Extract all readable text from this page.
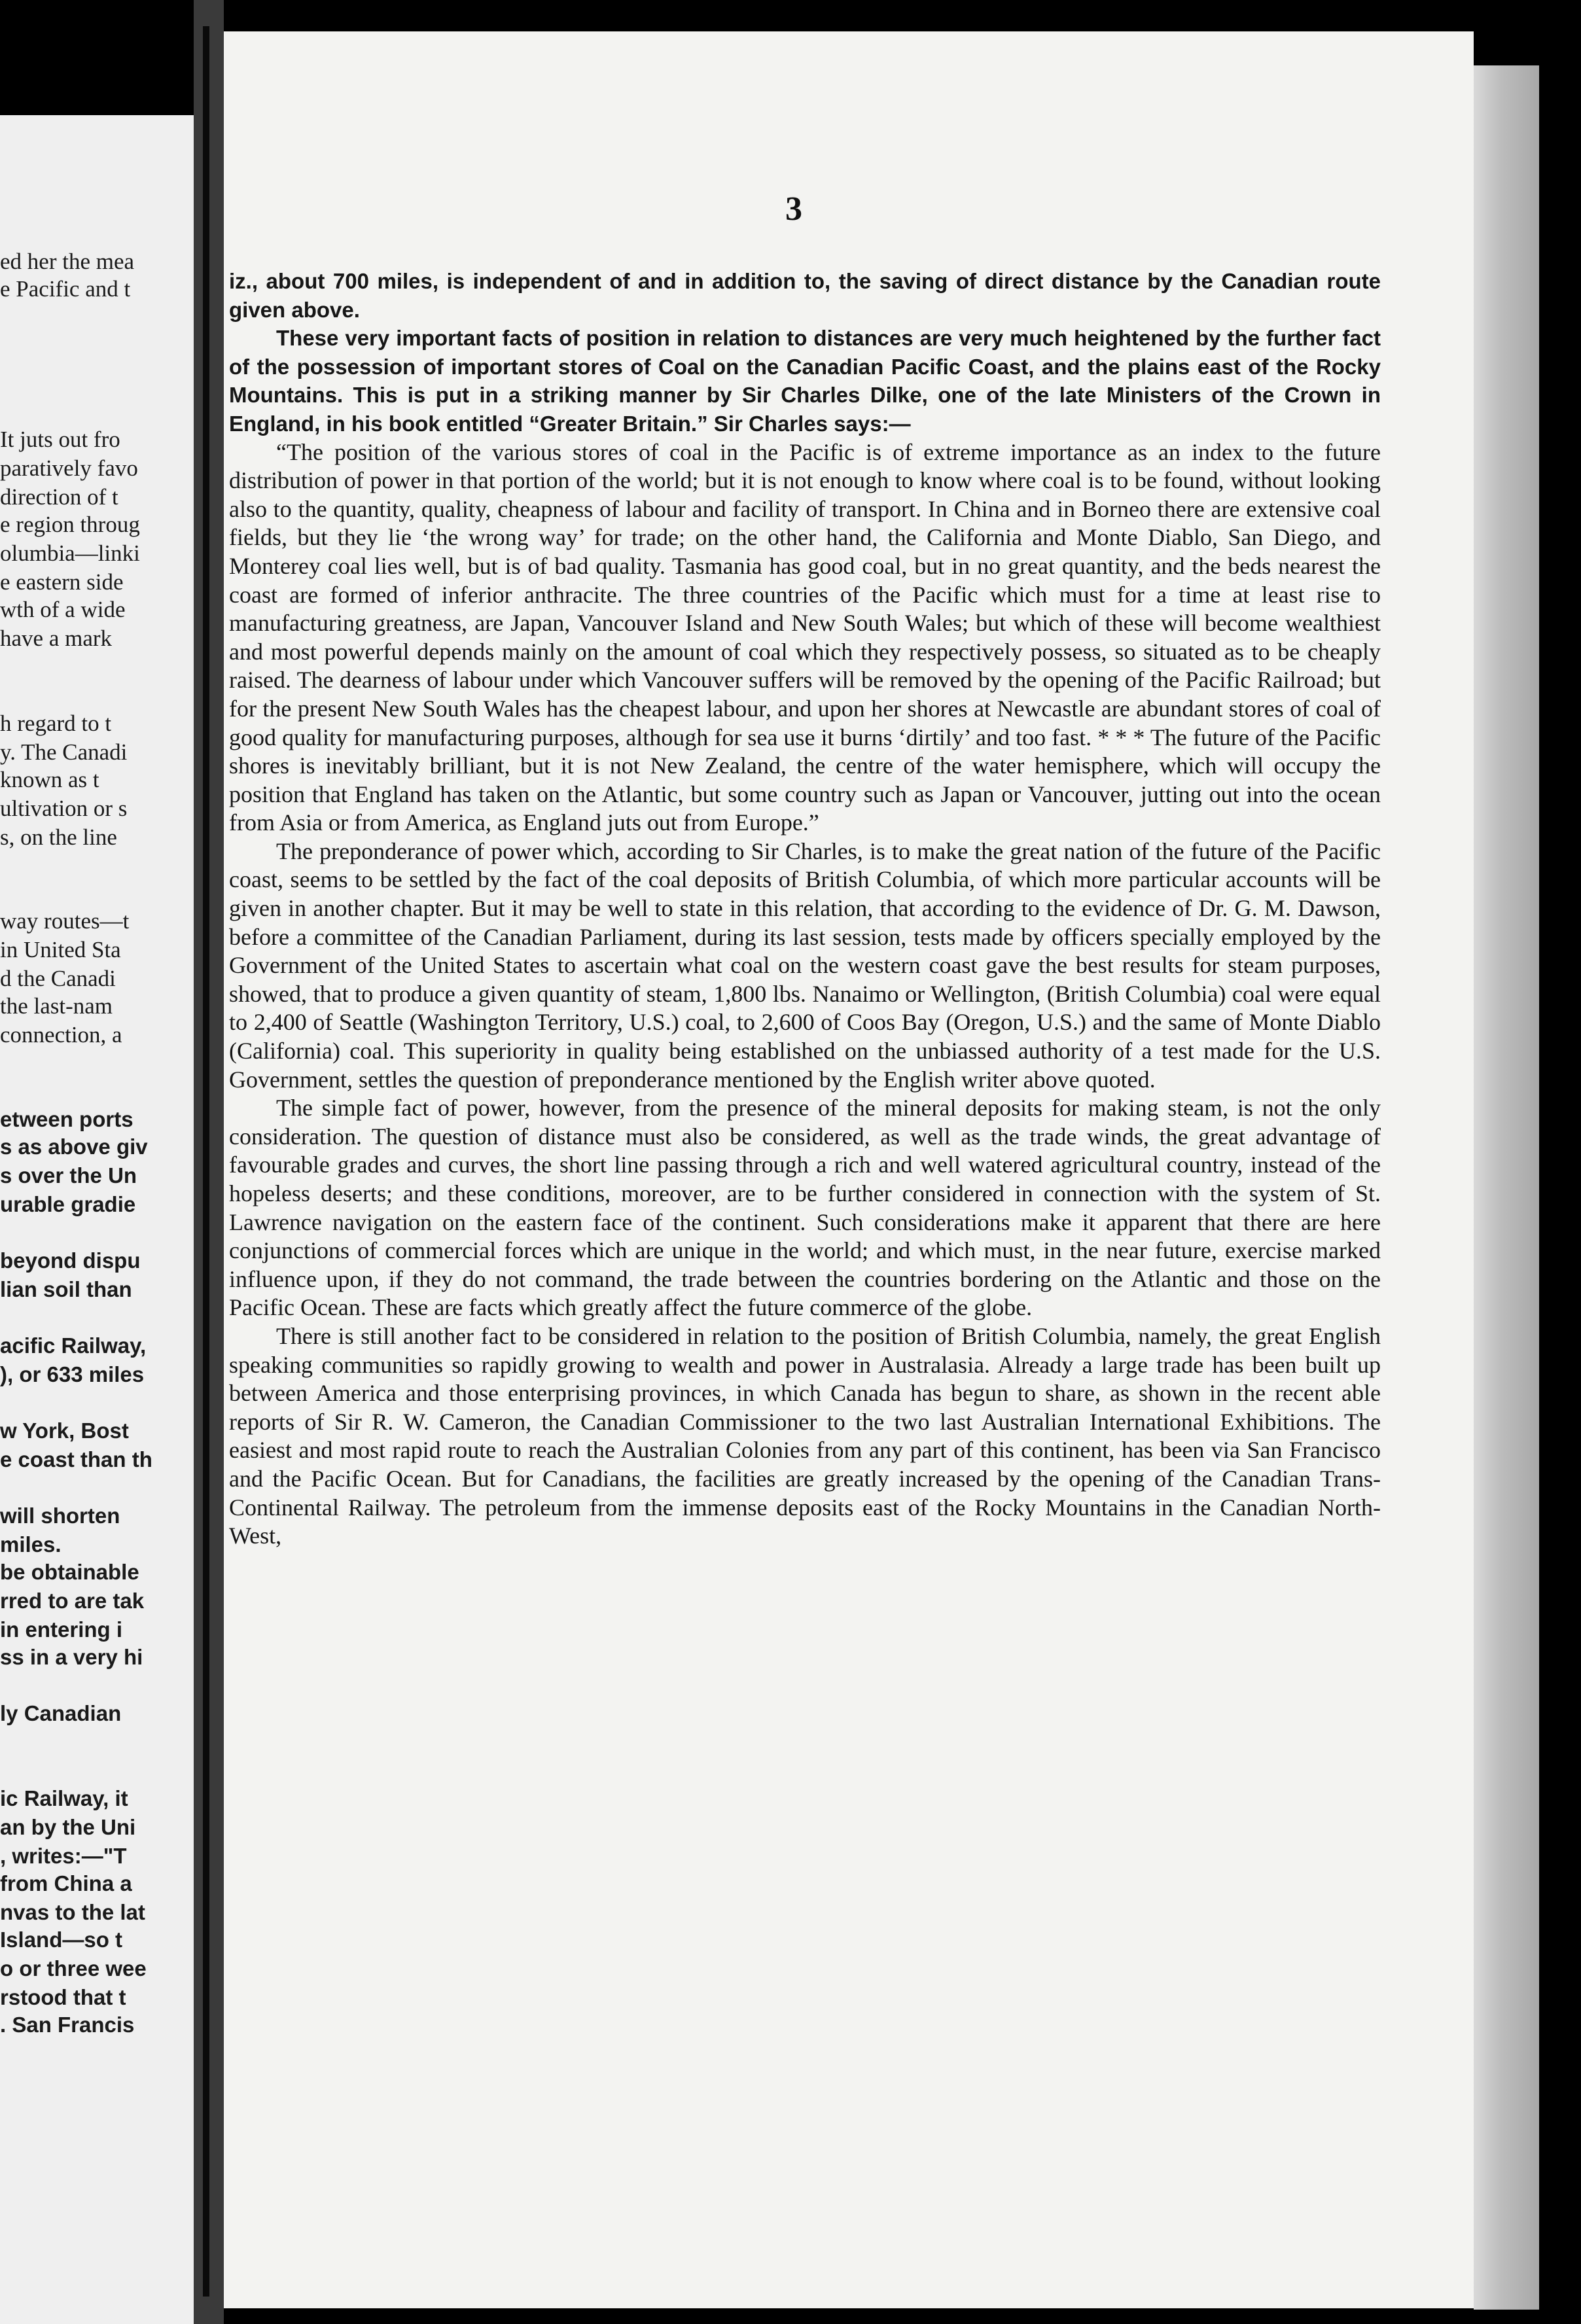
ed her the mea
e Pacific and t
It juts out fro
paratively favo
direction of t
e region throug
olumbia—linki
e eastern side
wth of a wide
have a mark
h regard to t
y. The Canadi
known as t
ultivation or s
s, on the line
way routes—t
in United Sta
d the Canadi
the last-nam
connection, a
etween ports
s as above giv
s over the Un
urable gradie
beyond dispu
lian soil than
acific Railway,
), or 633 miles
w York, Bost
e coast than th
will shorten
miles.
be obtainable
rred to are tak
in entering i
ss in a very hi
ly Canadian
ic Railway, it
an by the Uni
, writes:—"T
from China a
nvas to the lat
Island—so t
o or three wee
rstood that t
. San Francis
3

iz., about 700 miles, is independent of and in addition to, the saving of direct distance by the Canadian route given above.

These very important facts of position in relation to distances are very much heightened by the further fact of the possession of important stores of Coal on the Canadian Pacific Coast, and the plains east of the Rocky Mountains. This is put in a striking manner by Sir Charles Dilke, one of the late Ministers of the Crown in England, in his book entitled “Greater Britain.” Sir Charles says:—

“The position of the various stores of coal in the Pacific is of extreme importance as an index to the future distribution of power in that portion of the world; but it is not enough to know where coal is to be found, without looking also to the quantity, quality, cheapness of labour and facility of transport. In China and in Borneo there are extensive coal fields, but they lie ‘the wrong way’ for trade; on the other hand, the California and Monte Diablo, San Diego, and Monterey coal lies well, but is of bad quality. Tasmania has good coal, but in no great quantity, and the beds nearest the coast are formed of inferior anthracite. The three countries of the Pacific which must for a time at least rise to manufacturing greatness, are Japan, Vancouver Island and New South Wales; but which of these will become wealthiest and most powerful depends mainly on the amount of coal which they respectively possess, so situated as to be cheaply raised. The dearness of labour under which Vancouver suffers will be removed by the opening of the Pacific Railroad; but for the present New South Wales has the cheapest labour, and upon her shores at Newcastle are abundant stores of coal of good quality for manufacturing purposes, although for sea use it burns ‘dirtily’ and too fast. * * * The future of the Pacific shores is inevitably brilliant, but it is not New Zealand, the centre of the water hemisphere, which will occupy the position that England has taken on the Atlantic, but some country such as Japan or Vancouver, jutting out into the ocean from Asia or from America, as England juts out from Europe.”

The preponderance of power which, according to Sir Charles, is to make the great nation of the future of the Pacific coast, seems to be settled by the fact of the coal deposits of British Columbia, of which more particular accounts will be given in another chapter. But it may be well to state in this relation, that according to the evidence of Dr. G. M. Dawson, before a committee of the Canadian Parliament, during its last session, tests made by officers specially employed by the Government of the United States to ascertain what coal on the western coast gave the best results for steam purposes, showed, that to produce a given quantity of steam, 1,800 lbs. Nanaimo or Wellington, (British Columbia) coal were equal to 2,400 of Seattle (Washington Territory, U.S.) coal, to 2,600 of Coos Bay (Oregon, U.S.) and the same of Monte Diablo (California) coal. This superiority in quality being established on the unbiassed authority of a test made for the U.S. Government, settles the question of preponderance mentioned by the English writer above quoted.

The simple fact of power, however, from the presence of the mineral deposits for making steam, is not the only consideration. The question of distance must also be considered, as well as the trade winds, the great advantage of favourable grades and curves, the short line passing through a rich and well watered agricultural country, instead of the hopeless deserts; and these conditions, moreover, are to be further considered in connection with the system of St. Lawrence navigation on the eastern face of the continent. Such considerations make it apparent that there are here conjunctions of commercial forces which are unique in the world; and which must, in the near future, exercise marked influence upon, if they do not command, the trade between the countries bordering on the Atlantic and those on the Pacific Ocean. These are facts which greatly affect the future commerce of the globe.

There is still another fact to be considered in relation to the position of British Columbia, namely, the great English speaking communities so rapidly growing to wealth and power in Australasia. Already a large trade has been built up between America and those enterprising provinces, in which Canada has begun to share, as shown in the recent able reports of Sir R. W. Cameron, the Canadian Commissioner to the two last Australian International Exhibitions. The easiest and most rapid route to reach the Australian Colonies from any part of this continent, has been via San Francisco and the Pacific Ocean. But for Canadians, the facilities are greatly increased by the opening of the Canadian Trans-Continental Railway. The petroleum from the immense deposits east of the Rocky Mountains in the Canadian North-West,
